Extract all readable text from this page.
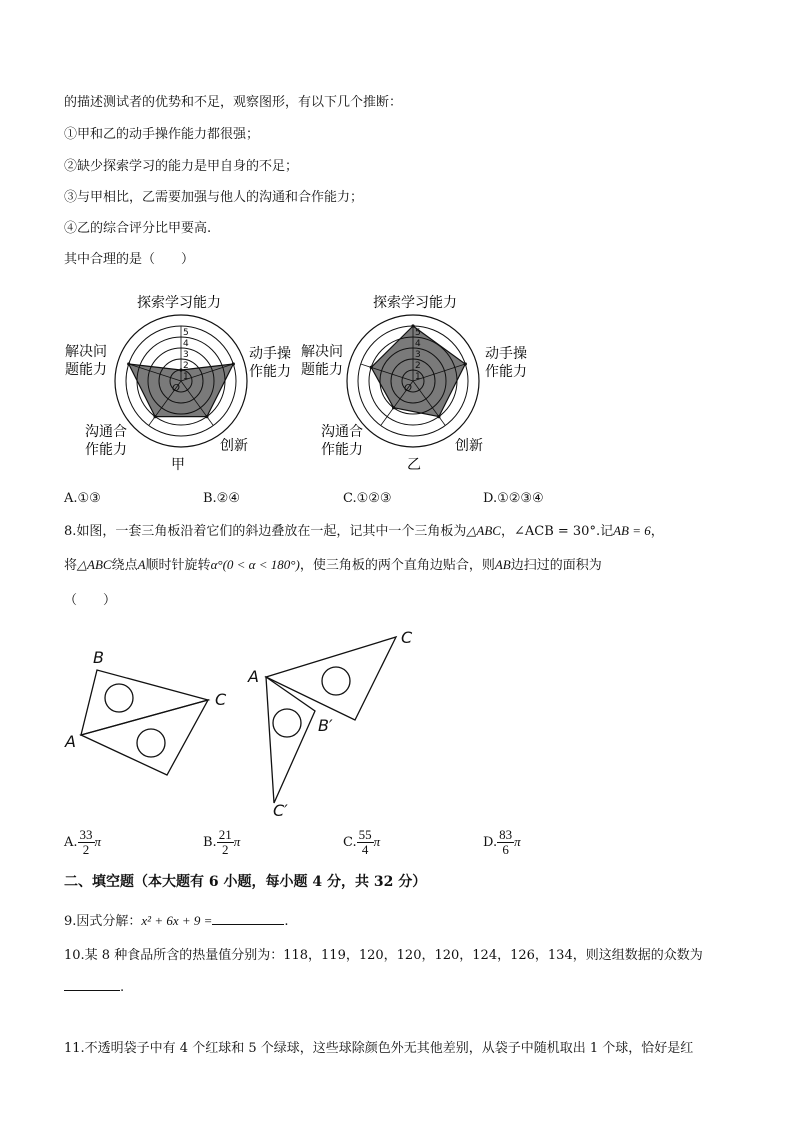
的描述测试者的优势和不足，观察图形，有以下几个推断：
①甲和乙的动手操作能力都很强；
②缺少探索学习的能力是甲自身的不足；
③与甲相比，乙需要加强与他人的沟通和合作能力；
④乙的综合评分比甲要高.
其中合理的是（　　）
1
2
3
4
5
O
1
2
3
4
5
O
探索学习能力
动手操
作能力
解决问
题能力
沟通合
作能力	创新
甲
探索学习能力
动手操
作能力
解决问
题能力
沟通合
作能力	创新
乙
A.①③	B.②④	C.①②③	D.①②③④
8.如图，一套三角板沿着它们的斜边叠放在一起，记其中一个三角板为△ABC，∠ACB = 30°.记AB = 6，
将△ABC绕点A顺时针旋转α°(0 < α < 180°)，使三角板的两个直角边贴合，则AB边扫过的面积为
（　　）
B
C
A
A
C
B′
C′
A. $\frac{33}{2}$ π	B. $\frac{21}{2}$ π	C. $\frac{55}{4}$ π	D. $\frac{83}{6}$ π
二、填空题（本大题有 6 小题，每小题 4 分，共 32 分）
9.因式分解：x² + 6x + 9 =	.
10.某 8 种食品所含的热量值分别为：118，119，120，120，120，124，126，134，则这组数据的众数为
.
11.不透明袋子中有 4 个红球和 5 个绿球，这些球除颜色外无其他差别，从袋子中随机取出 1 个球，恰好是红
